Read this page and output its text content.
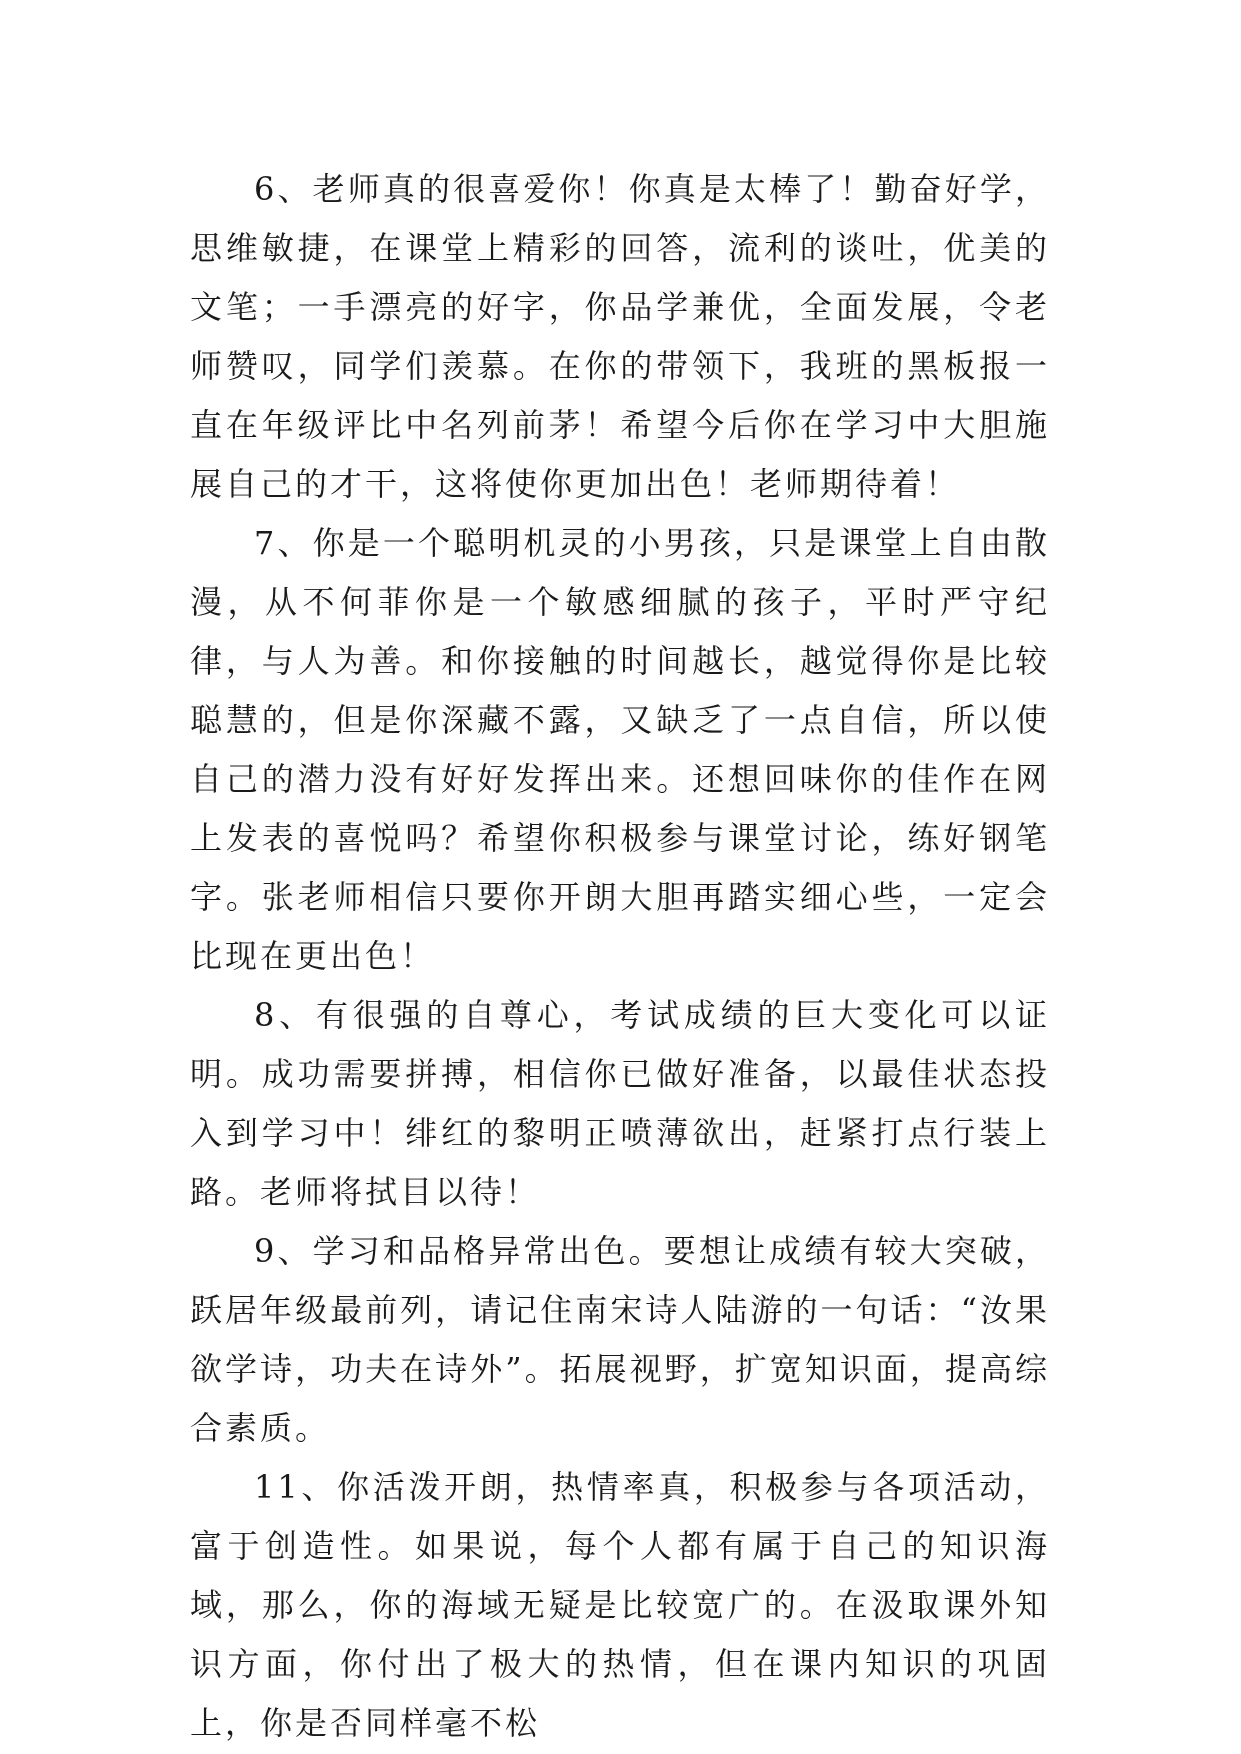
6、老师真的很喜爱你！你真是太棒了！勤奋好学，思维敏捷，在课堂上精彩的回答，流利的谈吐，优美的文笔；一手漂亮的好字，你品学兼优，全面发展，令老师赞叹，同学们羡慕。在你的带领下，我班的黑板报一直在年级评比中名列前茅！希望今后你在学习中大胆施展自己的才干，这将使你更加出色！老师期待着！

7、你是一个聪明机灵的小男孩，只是课堂上自由散漫，从不何菲你是一个敏感细腻的孩子，平时严守纪律，与人为善。和你接触的时间越长，越觉得你是比较聪慧的，但是你深藏不露，又缺乏了一点自信，所以使自己的潜力没有好好发挥出来。还想回味你的佳作在网上发表的喜悦吗？希望你积极参与课堂讨论，练好钢笔字。张老师相信只要你开朗大胆再踏实细心些，一定会比现在更出色！

8、有很强的自尊心，考试成绩的巨大变化可以证明。成功需要拼搏，相信你已做好准备，以最佳状态投入到学习中！绯红的黎明正喷薄欲出，赶紧打点行装上路。老师将拭目以待！

9、学习和品格异常出色。要想让成绩有较大突破，跃居年级最前列，请记住南宋诗人陆游的一句话：“汝果欲学诗，功夫在诗外”。拓展视野，扩宽知识面，提高综合素质。

11、你活泼开朗，热情率真，积极参与各项活动，富于创造性。如果说，每个人都有属于自己的知识海域，那么，你的海域无疑是比较宽广的。在汲取课外知识方面，你付出了极大的热情，但在课内知识的巩固上，你是否同样毫不松
